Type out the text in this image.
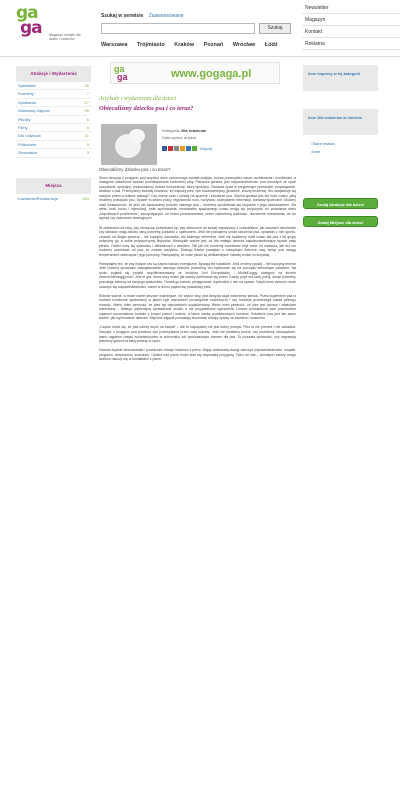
ga
ga	Magazyn miejski dla dzieci i rodziców
Szukaj w serwisie Zaawansowane
Szukaj
Warszawa Trójmiasto Kraków Poznań Wrocław Łódź
Newsletter
Magazyn
Kontakt
Reklama
Atrakcje i Wydarzenia
Spektakle	28
Koncerty	7
Spotkania	17
Warsztaty Zajęcia	99
Pikniky	6
Filmy	8
Dla rodziców	21
Półkolonie	0
Zimowiska	3
Miejsca
Kawiarnie/Restauracje	154
ga
ga	www.gogaga.pl
Artykuły i wydarzenia dla dzieci
Obiecaliśmy dziecku psa i co teraz?
Kategoria: Dla rodziców
Data wpisu: artykuł
Więcej

Obiecaliśmy dziecku psa i co teraz?

Skoro decyzja o przyjęciu pod wspólny dach czworonoga została podjęta, trzeba przemyśleć nasze oczekiwania i możliwości, a następnie świadomie wybrać przedstawiciela konkretnej rasy. Pierwsza sprawa, jest odpowiedzialność: psa dorosłych ze życie oczywiście, spokojny, przewidujemy dobrze kompetencji, który spokojny. Oznacza życie w przyjemnym przedziale, przywiązanie, dbałość o psa. Przemyślmy kwestię finansów: im większy pies, tym kosztowniejszy (jedzenie, koszty leczenia). Kto zaopiekuje się naszym psem w trakcie wakacji? Czy mamy czas i ochotę na spacery i szkolenie psa. Ważna sprawa jest też ilość czasu, jaką możemy poświęcić psu. Spacer to sedno pracy, regularność ruch, rozrywka, zdobywanie informacji, kontakty społeczne. Musimy mieć świadomość, że jeśli nie zaspokoimy potrzeb naszego psa – możemy spodziewać się kłopotów z jego zachowaniem. Zła dieta, brak ruchu i stymulacji, brak wychowania, niedostatek spędzanego czasu mogą się przyczynić do powstania wielu „kłopotliwych problemów", zaczynających od braku posłuszeństwa, przez nadmierną lękliwość, niszczenie mieszkania, aż do agresji czy zachowań obsesyjnych.

W zależności od rasy, psy różnią się potrzebami np. psy stworzone do ścisłej współpracy z człowiekiem, jak owczarki niemieckie czy labrador mają bardzo silną potrzebę kontaktu z opiekunem. Jeśli nie planujemy sztuki szkolenia psa, uprawiać z nim sportu, chodzić na długie spacery – nie kupujmy owczarka, ani żadnego retrievera. Jeśli nie będziemy mieli czasu dla psa z tej grupy uniknijmy go, a sobie przysporzymy kłopotów. Niezwykle ważne jest, że dla małego dziecka najodpowiedniejszy będzie mały piesek. Dzieci uczą się szacunku i delikatności z wiekiem. Tak jak nie możemy oczekiwać zbyt wiele od malucha, tak też nie możemy oczekiwać od psa, że zniesie wszystko. Dlatego trzeba pamiętać o rozsądnym doborze rasy, wziąć pod uwagę temperament zwierzęcia i jego potrzeby. Pamiętajmy, że małe pieski są delikatniejsze i łatwiej zrobić im krzywdę.

Pamiętajmy też, że psy małych ras są często bardzo energiczne. Bywają też hałaśliwe. Jeśli cenimy spokój – nie kupujmy teriera! Jeśli chcemy sprawdzić zaangażowanie naszego dziecka, pozwólmy mu opiekować się na początku wirtualnym psiakiem. Na rynku pojawił się projekt współfinansowany ze środków Unii Europejskiej - ModelDoggy dostępny na stronie www.modeldoggy.com. Jest to gra, która uczy dzieci jak należy opiekować się psem. Każdy pupil ma swój pokój, swoje potrzeby, pozostaje zależny od swojego właściciela. Trzeba go karmić, pielęgnować, wychodzić z nim na spacer. Dzięki temu dziecko może nauczyć się odpowiedzialności, zanim w domu pojawi się prawdziwy pies.

Równie ważne, a może nawet jeszcze ważniejsze, niż wybór rasy, jest decyzja skąd weźmiemy pieska. Przed kupieniem psa w hodowli konieczne sprawdźmy w jakich żyje warunkach (szczególnie rodzinnych) i czy hodowla przestrzega zasad pełnego rozwoju. Warto mieć pewność, że pies był odpowiednio socjalizowany. Warto mieć pewność, że pies jest zdrowy i właściwie traktowany – dlatego wybierajmy sprawdzone źródła, a nie przypadkowe ogłoszenia. Dobrze prowadzone psie przedszkole zapewni szczeniakowi kontakt z innymi psami i ludźmi, a także naukę podstawowych komend. Szkolenie psa jest tak samo ważne, jak wychowanie dziecka. Wspólne zajęcia pozwalają zbudować relację opartą na zaufaniu i szacunku.

„Często mówi się, że psa należy kupić na święta" – ale to najczęściej nie jest dobry pomysł. Pies to nie prezent i nie zabawka. Decyzja o przyjęciu psa powinna być przemyślana przez całą rodzinę. Jeśli nie jesteśmy pewni, czy podołamy obowiązkom, warto najpierw zostać wolontariuszem w schronisku lub tymczasowym domem dla psa. To pozwala sprawdzić, czy naprawdę jesteśmy gotowi na taką zmianę w życiu.

Dziecko będzie obserwowało i powtarzało relacje rodziców z psem. Mając doskonałą okazję nauczyć odpowiedzialności, empatii, przyjaźni, cierpliwości, szacunku. Opieka nad psem może stać się wspaniałą przygodą. Tylko od nas – dorosłych zależy czego dziecko nauczy się w kontaktach z psem.

Inne Imprezy w tej kategorii
Inne Dla rodziców w mieście
• Stare miasto
• Inne
Dodaj Atrakcje dla dzieci
Dodaj Miejsce dla dzieci
